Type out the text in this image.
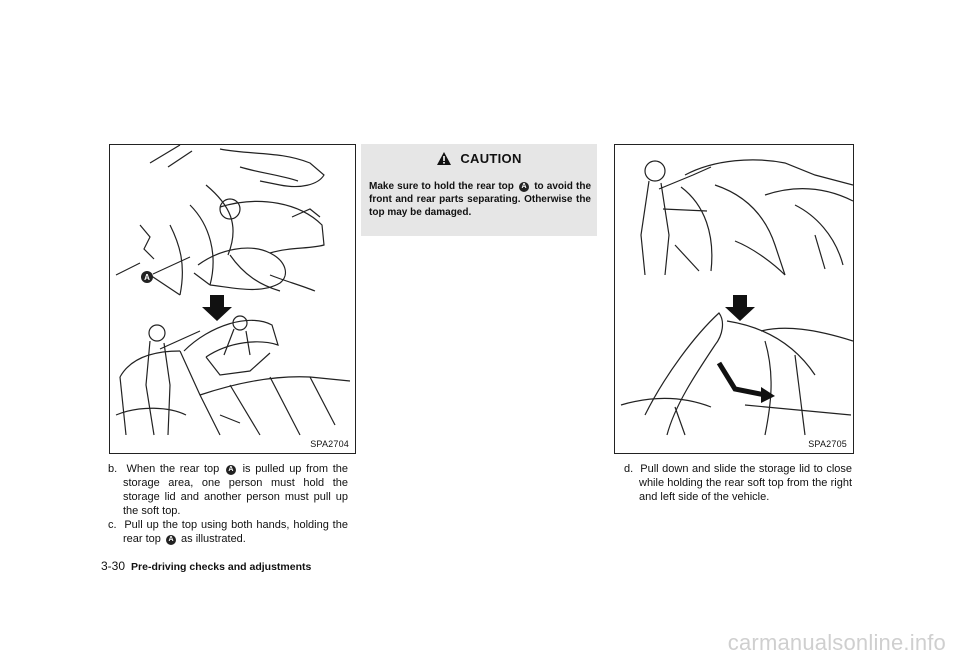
A
SPA2704	SPA2705
b. When the rear top A is pulled up from the storage area, one person must hold the storage lid and another person must pull up the soft top.
c. Pull up the top using both hands, holding the rear top A as illustrated.
CAUTION
Make sure to hold the rear top A to avoid the front and rear parts separating. Otherwise the top may be damaged.
d. Pull down and slide the storage lid to close while holding the rear soft top from the right and left side of the vehicle.
3-30 Pre-driving checks and adjustments
carmanualsonline.info
